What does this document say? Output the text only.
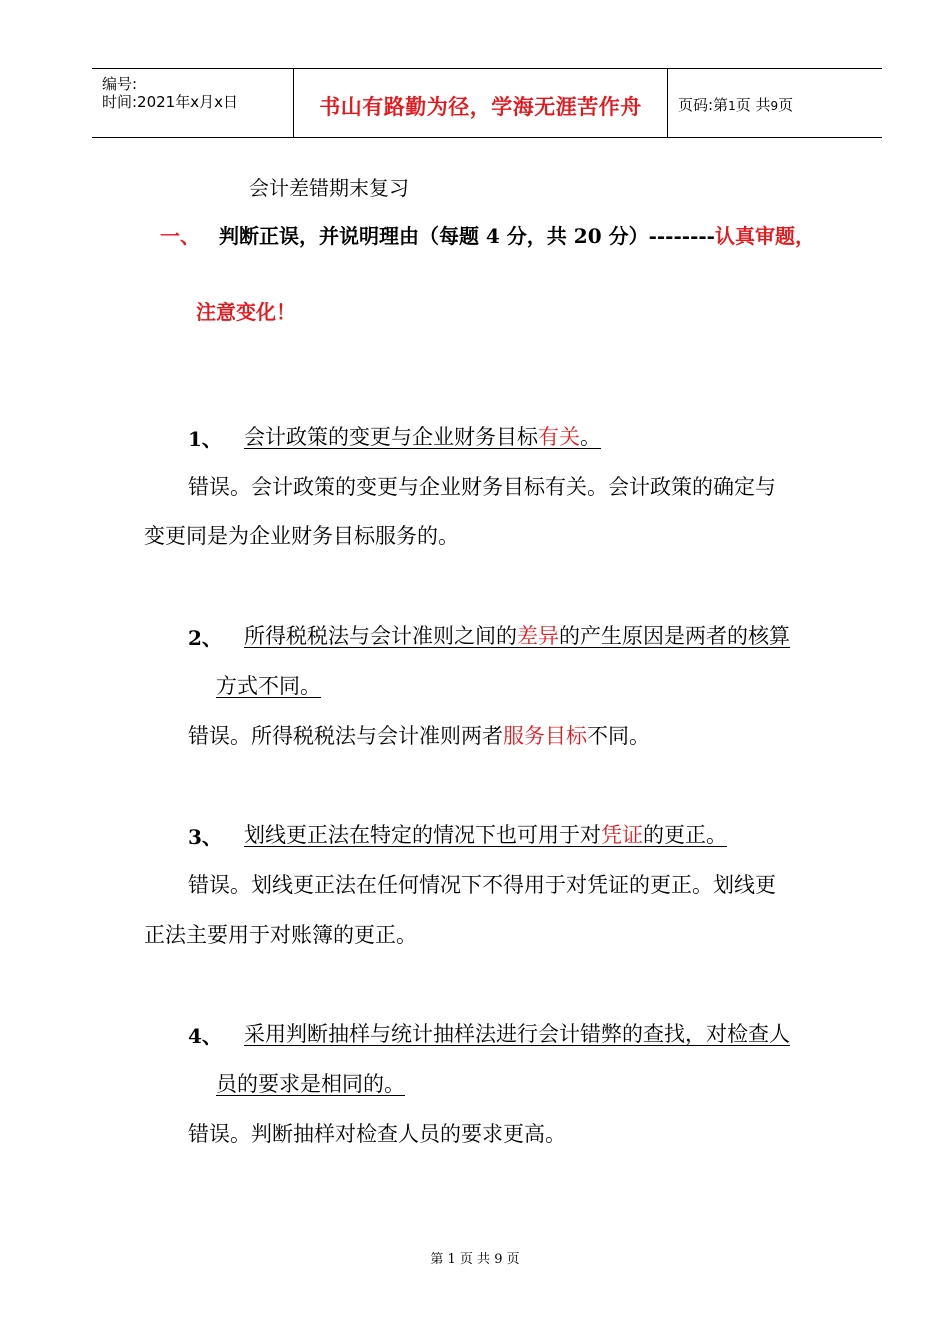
编号:
时间:2021年x月x日	书山有路勤为径，学海无涯苦作舟	页码:第1页 共9页
会计差错期末复习
一、 判断正误，并说明理由（每题 4 分，共 20 分）--------认真审题，
注意变化！
1、 会计政策的变更与企业财务目标有关。
错误。会计政策的变更与企业财务目标有关。会计政策的确定与
变更同是为企业财务目标服务的。
2、 所得税税法与会计准则之间的差异的产生原因是两者的核算
方式不同。
错误。所得税税法与会计准则两者服务目标不同。
3、 划线更正法在特定的情况下也可用于对凭证的更正。
错误。划线更正法在任何情况下不得用于对凭证的更正。划线更
正法主要用于对账簿的更正。
4、 采用判断抽样与统计抽样法进行会计错弊的查找，对检查人
员的要求是相同的。
错误。判断抽样对检查人员的要求更高。
第 1 页 共 9 页
